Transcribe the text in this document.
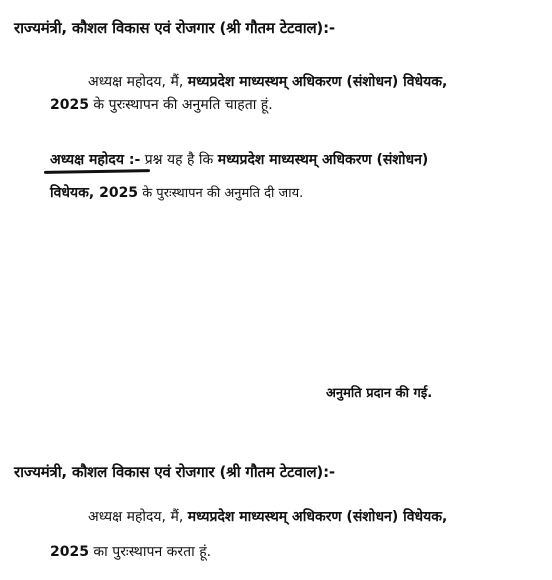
राज्यमंत्री, कौशल विकास एवं रोजगार (श्री गौतम टेटवाल):-
अध्यक्ष महोदय, मैं, मध्यप्रदेश माध्यस्थम् अधिकरण (संशोधन) विधेयक,
2025 के पुरःस्थापन की अनुमति चाहता हूं.
अध्यक्ष महोदय :- प्रश्न यह है कि मध्यप्रदेश माध्यस्थम् अधिकरण (संशोधन)
विधेयक, 2025 के पुरःस्थापन की अनुमति दी जाय.
अनुमति प्रदान की गई.
राज्यमंत्री, कौशल विकास एवं रोजगार (श्री गौतम टेटवाल):-
अध्यक्ष महोदय, मैं, मध्यप्रदेश माध्यस्थम् अधिकरण (संशोधन) विधेयक,
2025 का पुरःस्थापन करता हूं.
